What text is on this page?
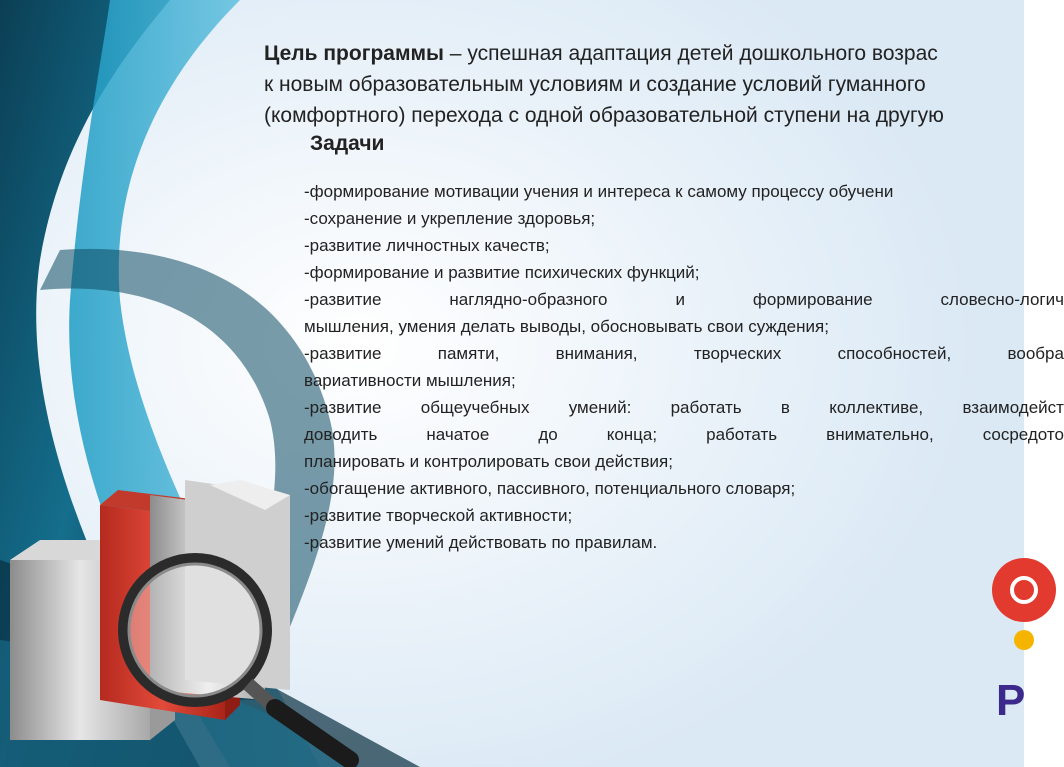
Цель программы – успешная адаптация детей дошкольного возрас
к новым образовательным условиям и создание условий гуманного
(комфортного) перехода с одной образовательной ступени на другую
Задачи
-формирование мотивации учения и интереса к самому процессу обучени
-сохранение и укрепление здоровья;
-развитие личностных качеств;
-формирование и развитие психических функций;
-развитие	наглядно-образного	и	формирование	словесно-логич
мышления, умения делать выводы, обосновывать свои суждения;
-развитие	памяти,	внимания,	творческих	способностей,	вообра
вариативности мышления;
-развитие общеучебных умений: работать в коллективе, взаимодейст
доводить	начатое	до	конца;	работать	внимательно,	сосредото
планировать и контролировать свои действия;
-обогащение активного, пассивного, потенциального словаря;
-развитие творческой активности;
-развитие умений действовать по правилам.
Р
